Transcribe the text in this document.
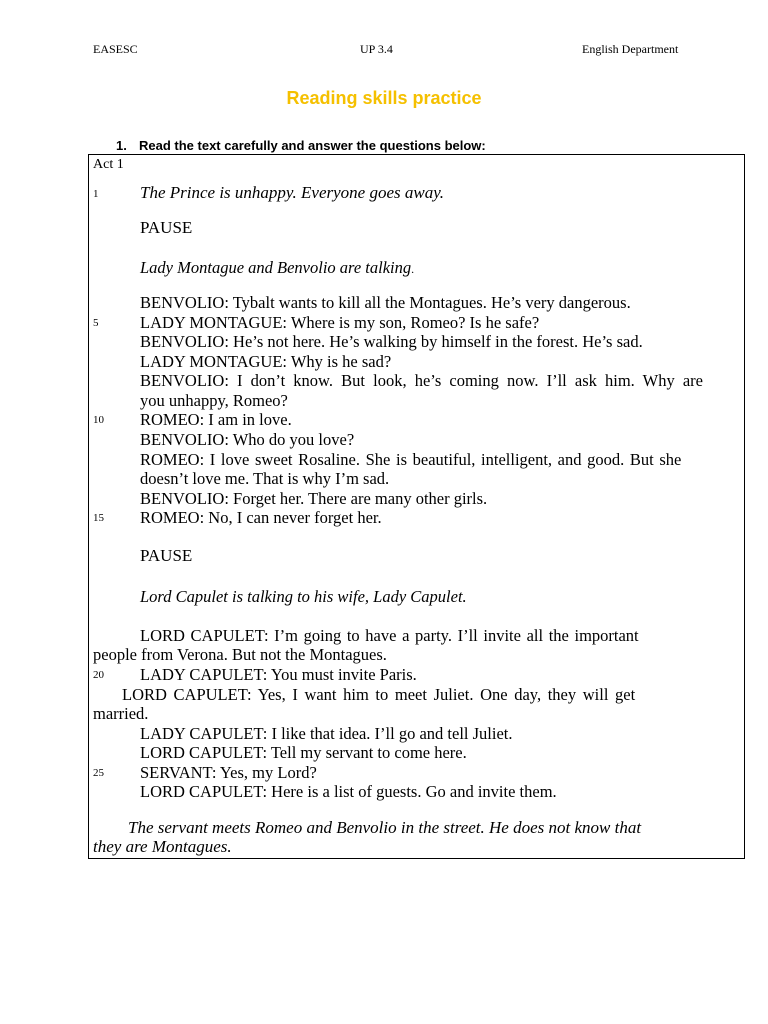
EASESC	UP 3.4	English Department
Reading skills practice
1. Read the text carefully and answer the questions below:
Act 1
1
5
10
15
20
25
The Prince is unhappy. Everyone goes away.
PAUSE
Lady Montague and Benvolio are talking.
BENVOLIO: Tybalt wants to kill all the Montagues. He’s very dangerous.
LADY MONTAGUE: Where is my son, Romeo? Is he safe?
BENVOLIO: He’s not here. He’s walking by himself in the forest. He’s sad.
LADY MONTAGUE: Why is he sad?
BENVOLIO: I don’t know. But look, he’s coming now. I’ll ask him. Why are
you unhappy, Romeo?
ROMEO: I am in love.
BENVOLIO: Who do you love?
ROMEO: I love sweet Rosaline. She is beautiful, intelligent, and good. But she
doesn’t love me. That is why I’m sad.
BENVOLIO: Forget her. There are many other girls.
ROMEO: No, I can never forget her.
PAUSE
Lord Capulet is talking to his wife, Lady Capulet.
LORD CAPULET: I’m going to have a party. I’ll invite all the important
people from Verona. But not the Montagues.
LADY CAPULET: You must invite Paris.
LORD CAPULET: Yes, I want him to meet Juliet. One day, they will get
married.
LADY CAPULET: I like that idea. I’ll go and tell Juliet.
LORD CAPULET: Tell my servant to come here.
SERVANT: Yes, my Lord?
LORD CAPULET: Here is a list of guests. Go and invite them.
The servant meets Romeo and Benvolio in the street. He does not know that
they are Montagues.
